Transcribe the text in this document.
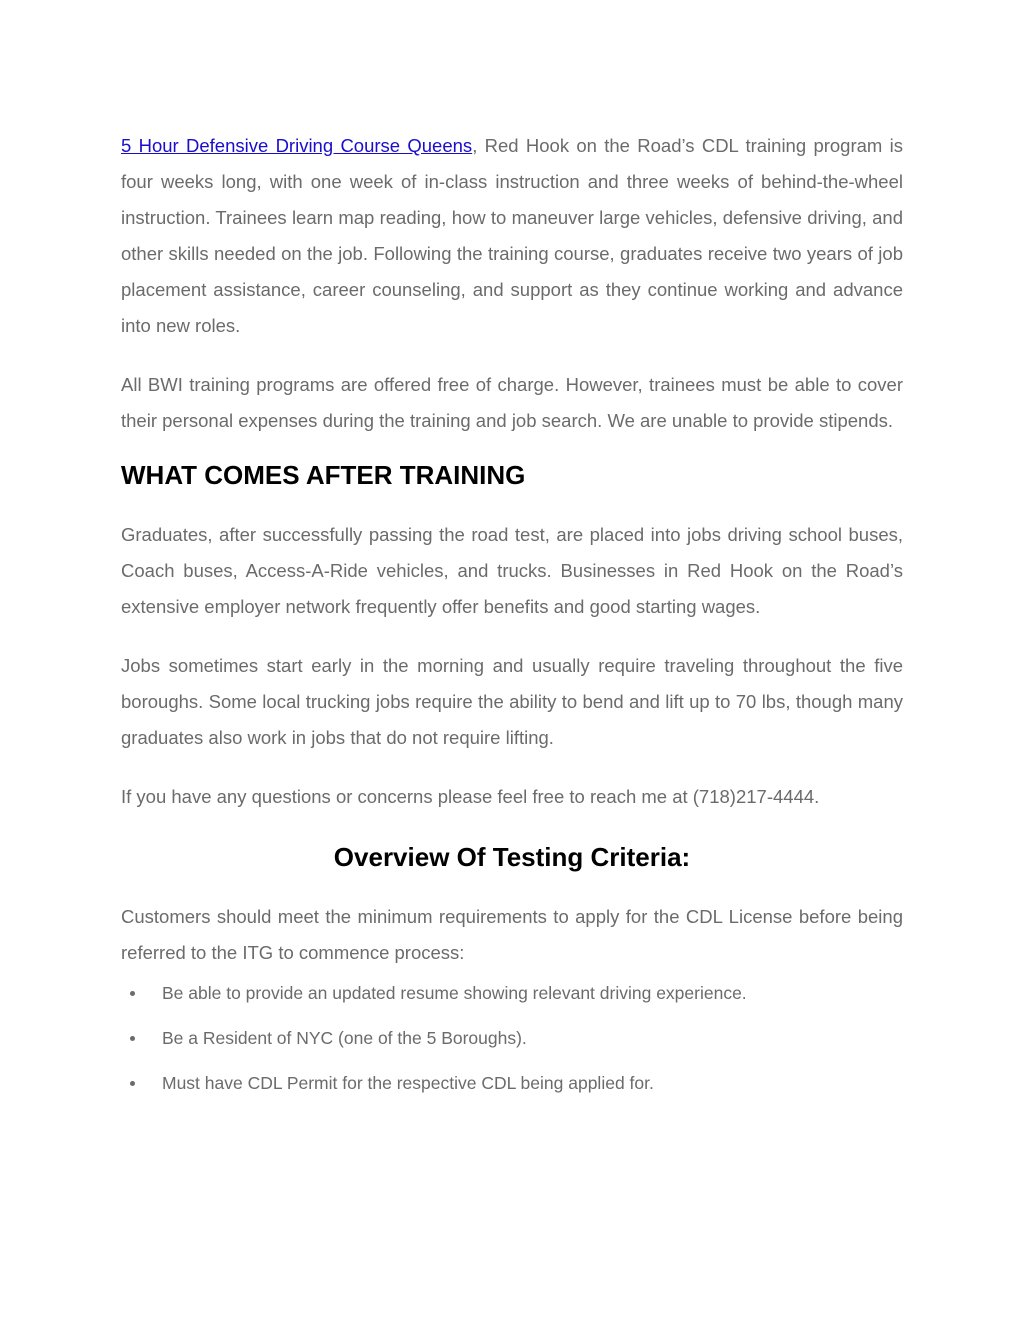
5 Hour Defensive Driving Course Queens, Red Hook on the Road’s CDL training program is four weeks long, with one week of in-class instruction and three weeks of behind-the-wheel instruction. Trainees learn map reading, how to maneuver large vehicles, defensive driving, and other skills needed on the job. Following the training course, graduates receive two years of job placement assistance, career counseling, and support as they continue working and advance into new roles.

All BWI training programs are offered free of charge. However, trainees must be able to cover their personal expenses during the training and job search. We are unable to provide stipends.

WHAT COMES AFTER TRAINING

Graduates, after successfully passing the road test, are placed into jobs driving school buses, Coach buses, Access-A-Ride vehicles, and trucks. Businesses in Red Hook on the Road’s extensive employer network frequently offer benefits and good starting wages.

Jobs sometimes start early in the morning and usually require traveling throughout the five boroughs. Some local trucking jobs require the ability to bend and lift up to 70 lbs, though many graduates also work in jobs that do not require lifting.

If you have any questions or concerns please feel free to reach me at (718)217-4444.

Overview Of Testing Criteria:

Customers should meet the minimum requirements to apply for the CDL License before being referred to the ITG to commence process:

Be able to provide an updated resume showing relevant driving experience.
Be a Resident of NYC (one of the 5 Boroughs).
Must have CDL Permit for the respective CDL being applied for.
